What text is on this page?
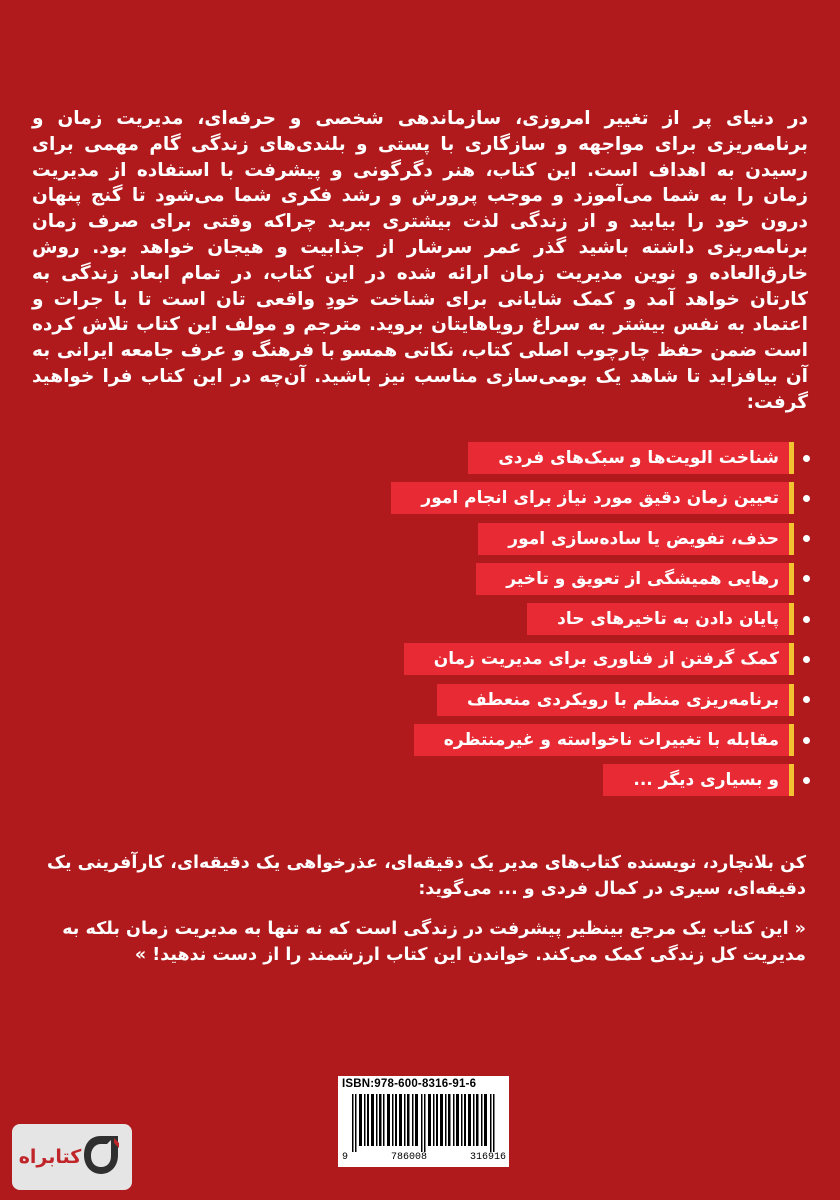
در دنیای پر از تغییر امروزی، سازماندهی شخصی و حرفه‌ای، مدیریت زمان و برنامه‌ریزی برای مواجهه و سازگاری با پستی و بلندی‌های زندگی گام مهمی برای رسیدن به اهداف است. این کتاب، هنر دگرگونی و پیشرفت با استفاده از مدیریت زمان را به شما می‌آموزد و موجب پرورش و رشد فکری شما می‌شود تا گنج پنهان درون خود را بیابید و از زندگی لذت بیشتری ببرید چراکه وقتی برای صرف زمان برنامه‌ریزی داشته باشید گذر عمر سرشار از جذابیت و هیجان خواهد بود. روش خارق‌العاده و نوین مدیریت زمان ارائه شده در این کتاب، در تمام ابعاد زندگی به کارتان خواهد آمد و کمک شایانی برای شناخت خودِ واقعی تان است تا با جرات و اعتماد به نفس بیشتر به سراغ رویاهایتان بروید. مترجم و مولف این کتاب تلاش کرده است ضمن حفظ چارچوب اصلی کتاب، نکاتی همسو با فرهنگ و عرف جامعه ایرانی به آن بیافزاید تا شاهد یک بومی‌سازی مناسب نیز باشید. آن‌چه در این کتاب فرا خواهید گرفت:

شناخت الویت‌ها و سبک‌های فردی
تعیین زمان دقیق مورد نیاز برای انجام امور
حذف، تفویض یا ساده‌سازی امور
رهایی همیشگی از تعویق و تاخیر
پایان دادن به تاخیرهای حاد
کمک گرفتن از فناوری برای مدیریت زمان
برنامه‌ریزی منظم با رویکردی منعطف
مقابله با تغییرات ناخواسته و غیرمنتظره
و بسیاری دیگر ...

کن بلانچارد، نویسنده کتاب‌های مدیر یک دقیقه‌ای، عذرخواهی یک دقیقه‌ای، کارآفرینی یک دقیقه‌ای، سیری در کمال فردی و ... می‌گوید:

« این کتاب یک مرجع بینظیر پیشرفت در زندگی است که نه تنها به مدیریت زمان بلکه به مدیریت کل زندگی کمک می‌کند. خواندن این کتاب ارزشمند را از دست ندهید! »

ISBN:978-600-8316-91-6
9	786008	316916
کتابراه
